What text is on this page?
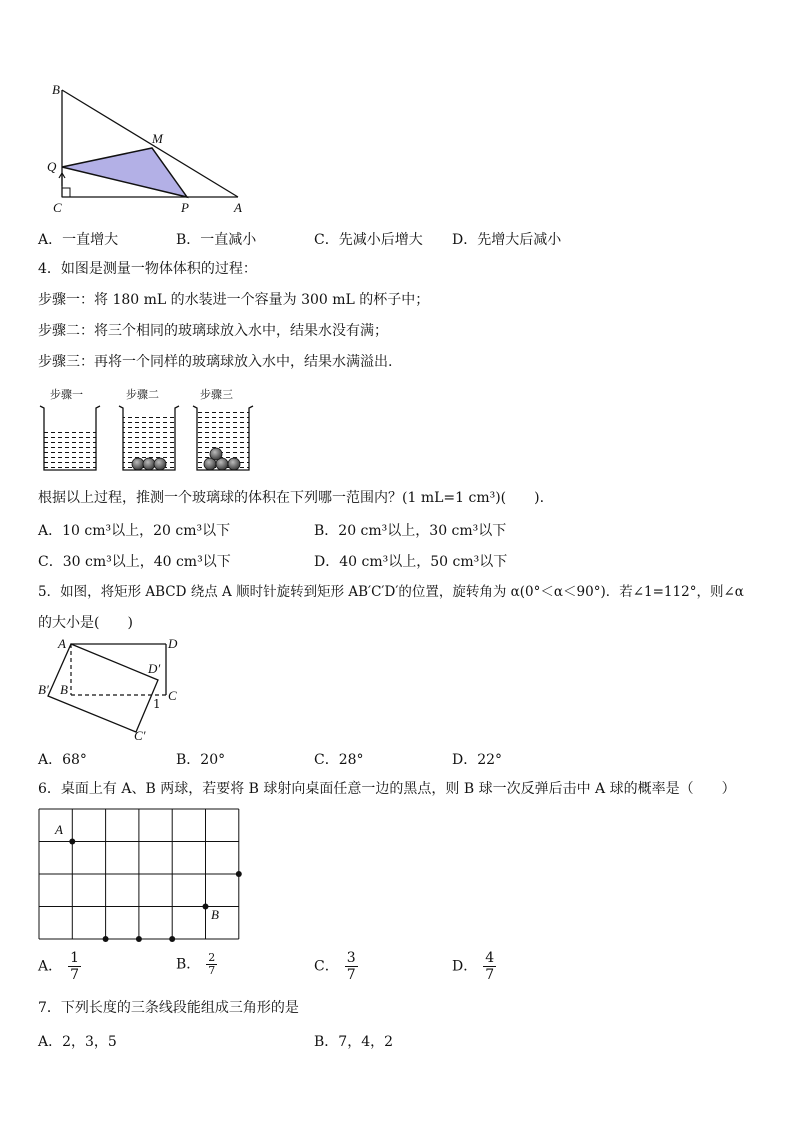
B
M
Q
C	P	A
A．一直增大	B．一直减小	C．先减小后增大 D．先增大后减小
4．如图是测量一物体体积的过程：
步骤一：将 180 mL 的水装进一个容量为 300 mL 的杯子中；
步骤二：将三个相同的玻璃球放入水中，结果水没有满；
步骤三：再将一个同样的玻璃球放入水中，结果水满溢出.
步骤一	步骤二	步骤三
根据以上过程，推测一个玻璃球的体积在下列哪一范围内？(1 mL=1 cm³)(　　).
A．10 cm³以上，20 cm³以下	B．20 cm³以上，30 cm³以下
C．30 cm³以上，40 cm³以下	D．40 cm³以上，50 cm³以下
5．如图，将矩形 ABCD 绕点 A 顺时针旋转到矩形 AB′C′D′的位置，旋转角为 α(0°＜α＜90°)．若∠1=112°，则∠α
的大小是(　　)
A	D
D′
B′ B	C
1
C′
A．68°	B．20°	C．28°	D．22°
6．桌面上有 A、B 两球，若要将 B 球射向桌面任意一边的黑点，则 B 球一次反弹后击中 A 球的概率是（　　）
A
B
A． $\frac{1}{7}$	B． $\frac{2}{7}$	C． $\frac{3}{7}$	D． $\frac{4}{7}$
7．下列长度的三条线段能组成三角形的是
A．2，3，5	B．7，4，2
